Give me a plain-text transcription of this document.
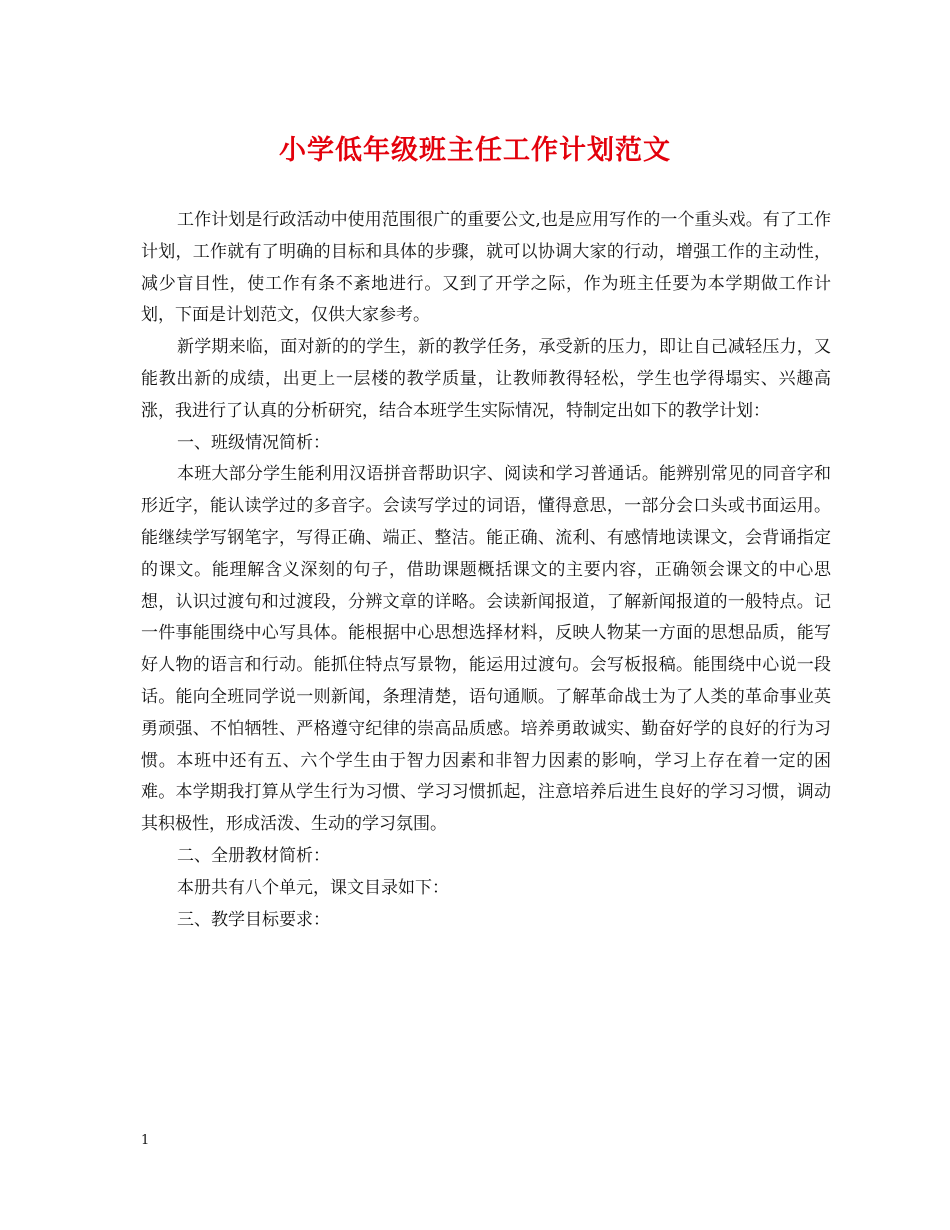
小学低年级班主任工作计划范文

工作计划是行政活动中使用范围很广的重要公文,也是应用写作的一个重头戏。有了工作计划，工作就有了明确的目标和具体的步骤，就可以协调大家的行动，增强工作的主动性，减少盲目性，使工作有条不紊地进行。又到了开学之际，作为班主任要为本学期做工作计划，下面是计划范文，仅供大家参考。

新学期来临，面对新的的学生，新的教学任务，承受新的压力，即让自己减轻压力，又能教出新的成绩，出更上一层楼的教学质量，让教师教得轻松，学生也学得塌实、兴趣高涨，我进行了认真的分析研究，结合本班学生实际情况，特制定出如下的教学计划：

一、班级情况简析：

本班大部分学生能利用汉语拼音帮助识字、阅读和学习普通话。能辨别常见的同音字和形近字，能认读学过的多音字。会读写学过的词语，懂得意思，一部分会口头或书面运用。能继续学写钢笔字，写得正确、端正、整洁。能正确、流利、有感情地读课文，会背诵指定的课文。能理解含义深刻的句子，借助课题概括课文的主要内容，正确领会课文的中心思想，认识过渡句和过渡段，分辨文章的详略。会读新闻报道，了解新闻报道的一般特点。记一件事能围绕中心写具体。能根据中心思想选择材料，反映人物某一方面的思想品质，能写好人物的语言和行动。能抓住特点写景物，能运用过渡句。会写板报稿。能围绕中心说一段话。能向全班同学说一则新闻，条理清楚，语句通顺。了解革命战士为了人类的革命事业英勇顽强、不怕牺牲、严格遵守纪律的崇高品质感。培养勇敢诚实、勤奋好学的良好的行为习惯。本班中还有五、六个学生由于智力因素和非智力因素的影响，学习上存在着一定的困难。本学期我打算从学生行为习惯、学习习惯抓起，注意培养后进生良好的学习习惯，调动其积极性，形成活泼、生动的学习氛围。

二、全册教材简析：

本册共有八个单元，课文目录如下：

三、教学目标要求：

1
